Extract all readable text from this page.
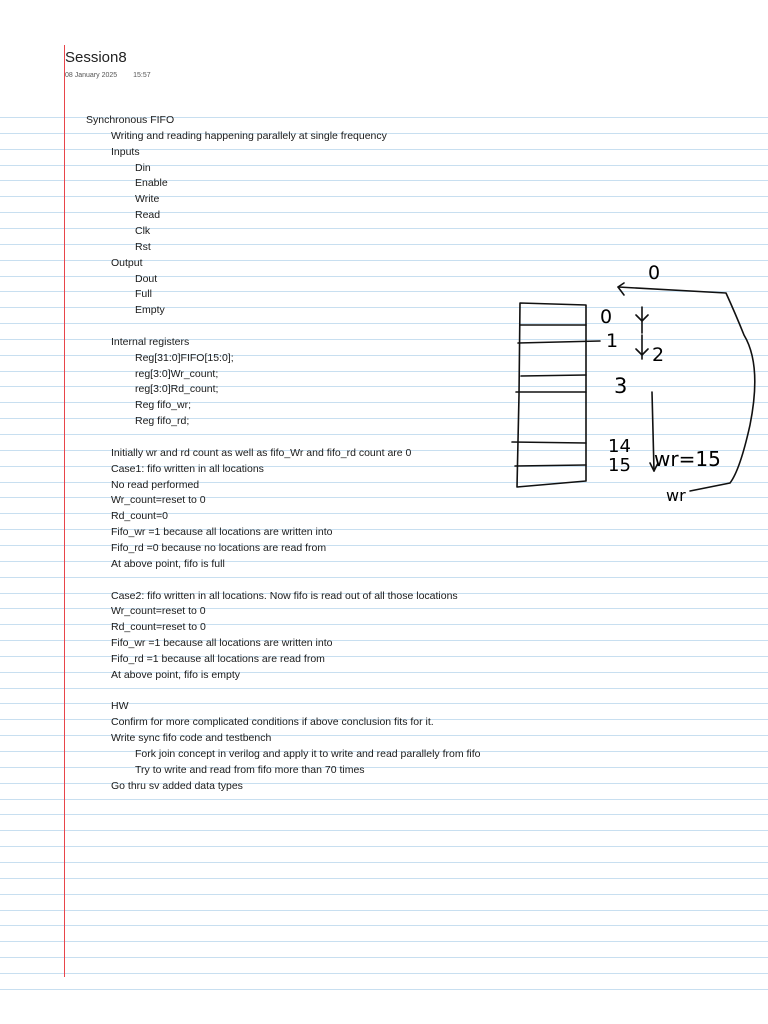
Session8
08 January 2025 15:57
Synchronous FIFO
Writing and reading happening parallely at single frequency
Inputs
Din
Enable
Write
Read
Clk
Rst
Output
Dout
Full
Empty
Internal registers
Reg[31:0]FIFO[15:0];
reg[3:0]Wr_count;
reg[3:0]Rd_count;
Reg fifo_wr;
Reg fifo_rd;
Initially wr and rd count as well as fifo_Wr and fifo_rd count are 0
Case1: fifo written in all locations
No read performed
Wr_count=reset to 0
Rd_count=0
Fifo_wr =1 because all locations are written into
Fifo_rd =0 because no locations are read from
At above point, fifo is full
Case2: fifo written in all locations. Now fifo is read out of all those locations
Wr_count=reset to 0
Rd_count=reset to 0
Fifo_wr =1 because all locations are written into
Fifo_rd =1 because all locations are read from
At above point, fifo is empty
HW
Confirm for more complicated conditions if above conclusion fits for it.
Write sync fifo code and testbench
Fork join concept in verilog and apply it to write and read parallely from fifo
Try to write and read from fifo more than 70 times
Go thru sv added data types
0
0
1
2
3
14
15 wr=15
wr
